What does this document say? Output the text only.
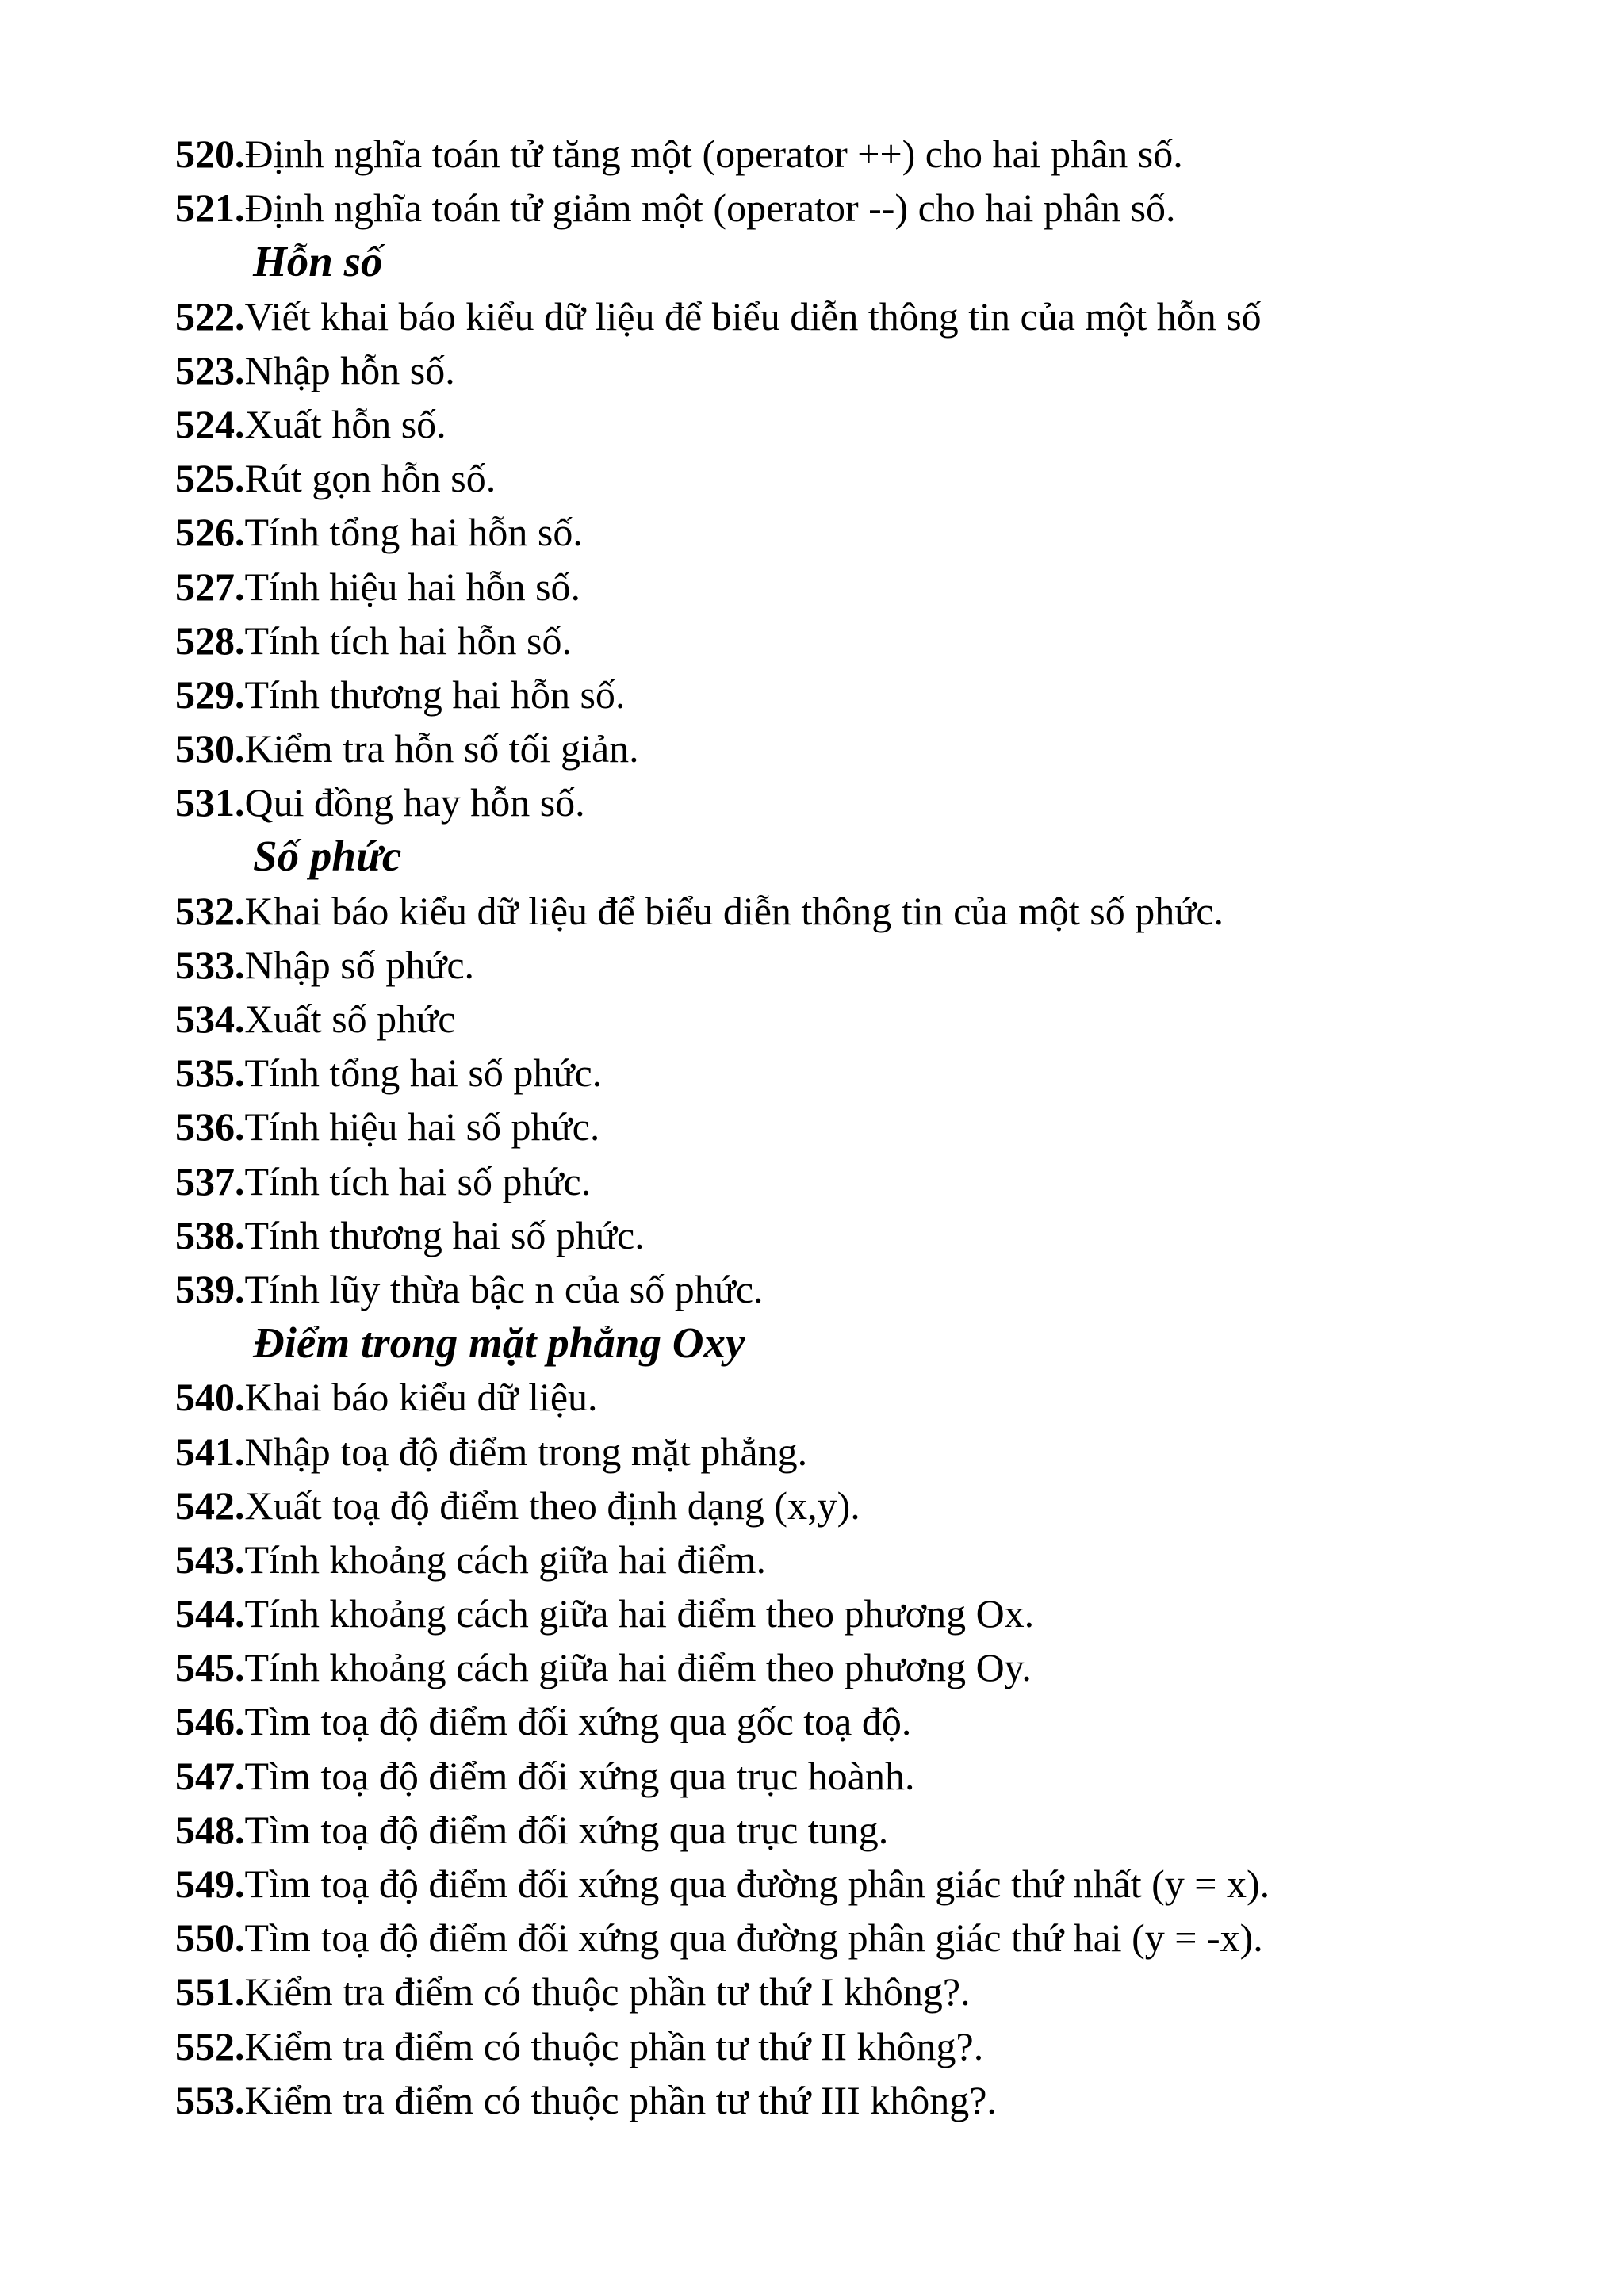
520.Định nghĩa toán tử tăng một (operator ++) cho hai phân số.
521.Định nghĩa toán tử giảm một (operator --) cho hai phân số.
Hỗn số
522.Viết khai báo kiểu dữ liệu để biểu diễn thông tin của một hỗn số
523.Nhập hỗn số.
524.Xuất hỗn số.
525.Rút gọn hỗn số.
526.Tính tổng hai hỗn số.
527.Tính hiệu hai hỗn số.
528.Tính tích hai hỗn số.
529.Tính thương hai hỗn số.
530.Kiểm tra hỗn số tối giản.
531.Qui đồng hay hỗn số.
Số phức
532.Khai báo kiểu dữ liệu để biểu diễn thông tin của một số phức.
533.Nhập số phức.
534.Xuất số phức
535.Tính tổng hai số phức.
536.Tính hiệu hai số phức.
537.Tính tích hai số phức.
538.Tính thương hai số phức.
539.Tính lũy thừa bậc n của số phức.
Điểm trong mặt phẳng Oxy
540.Khai báo kiểu dữ liệu.
541.Nhập toạ độ điểm trong mặt phẳng.
542.Xuất toạ độ điểm theo định dạng (x,y).
543.Tính khoảng cách giữa hai điểm.
544.Tính khoảng cách giữa hai điểm theo phương Ox.
545.Tính khoảng cách giữa hai điểm theo phương Oy.
546.Tìm toạ độ điểm đối xứng qua gốc toạ độ.
547.Tìm toạ độ điểm đối xứng qua trục hoành.
548.Tìm toạ độ điểm đối xứng qua trục tung.
549.Tìm toạ độ điểm đối xứng qua đường phân giác thứ nhất (y = x).
550.Tìm toạ độ điểm đối xứng qua đường phân giác thứ hai (y = -x).
551.Kiểm tra điểm có thuộc phần tư thứ I không?.
552.Kiểm tra điểm có thuộc phần tư thứ II không?.
553.Kiểm tra điểm có thuộc phần tư thứ III không?.
